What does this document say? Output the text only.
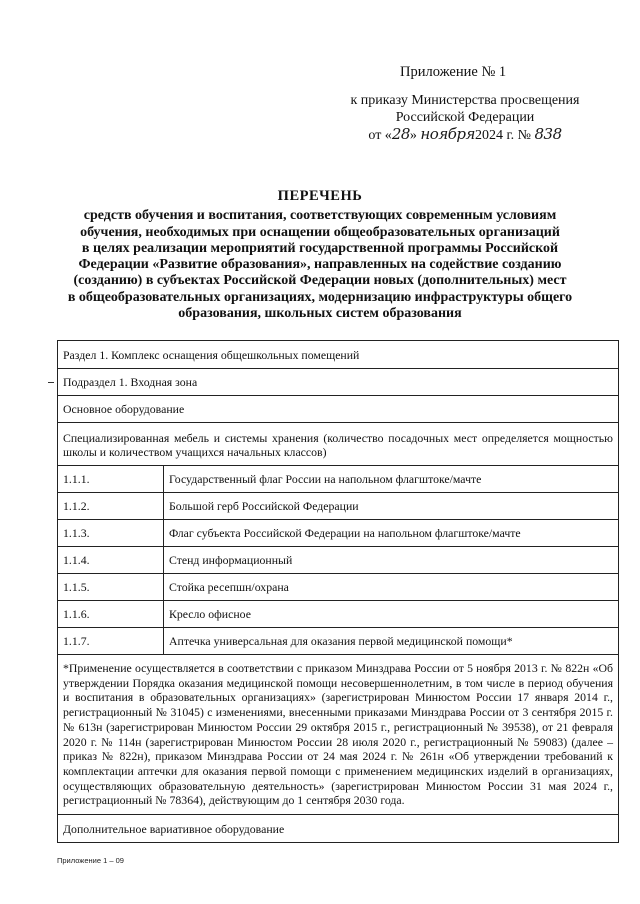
Приложение № 1
к приказу Министерства просвещения
Российской Федерации
от «28» ноября2024 г. № 838
ПЕРЕЧЕНЬ
средств обучения и воспитания, соответствующих современным условиям
обучения, необходимых при оснащении общеобразовательных организаций
в целях реализации мероприятий государственной программы Российской
Федерации «Развитие образования», направленных на содействие созданию
(созданию) в субъектах Российской Федерации новых (дополнительных) мест
в общеобразовательных организациях, модернизацию инфраструктуры общего
образования, школьных систем образования
Раздел 1. Комплекс оснащения общешкольных помещений	
Подраздел 1. Входная зона	
Основное оборудование	
Специализированная мебель и системы хранения (количество посадочных мест определяется мощностью школы и количеством учащихся начальных классов)	
1.1.1.	Государственный флаг России на напольном флагштоке/мачте
1.1.2.	Большой герб Российской Федерации
1.1.3.	Флаг субъекта Российской Федерации на напольном флагштоке/мачте
1.1.4.	Стенд информационный
1.1.5.	Стойка ресепшн/охрана
1.1.6.	Кресло офисное
1.1.7.	Аптечка универсальная для оказания первой медицинской помощи*
*Применение осуществляется в соответствии с приказом Минздрава России от 5 ноября 2013 г. № 822н «Об утверждении Порядка оказания медицинской помощи несовершеннолетним, в том числе в период обучения и воспитания в образовательных организациях» (зарегистрирован Минюстом России 17 января 2014 г., регистрационный № 31045) с изменениями, внесенными приказами Минздрава России от 3 сентября 2015 г. № 613н (зарегистрирован Минюстом России 29 октября 2015 г., регистрационный № 39538), от 21 февраля 2020 г. № 114н (зарегистрирован Минюстом России 28 июля 2020 г., регистрационный № 59083) (далее – приказ № 822н), приказом Минздрава России от 24 мая 2024 г. № 261н «Об утверждении требований к комплектации аптечки для оказания первой помощи с применением медицинских изделий в организациях, осуществляющих образовательную деятельность» (зарегистрирован Минюстом России 31 мая 2024 г., регистрационный № 78364), действующим до 1 сентября 2030 года.	
Дополнительное вариативное оборудование	
Приложение 1 – 09
